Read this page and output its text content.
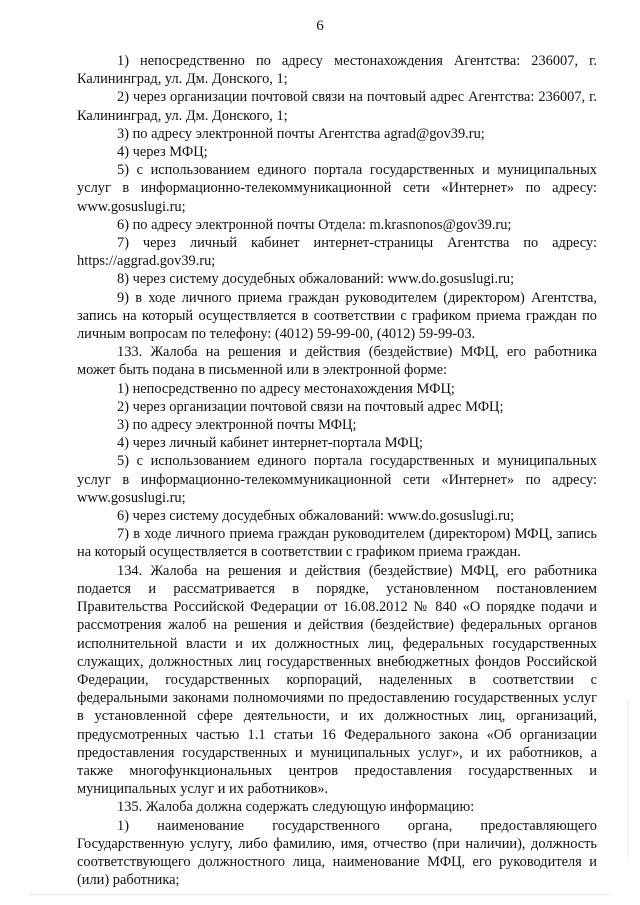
6

1) непосредственно по адресу местонахождения Агентства: 236007, г. Калининград, ул. Дм. Донского, 1;

2) через организации почтовой связи на почтовый адрес Агентства: 236007, г. Калининград, ул. Дм. Донского, 1;

3) по адресу электронной почты Агентства agrad@gov39.ru;

4) через МФЦ;

5) с использованием единого портала государственных и муниципальных услуг в информационно-телекоммуникационной сети «Интернет» по адресу: www.gosuslugi.ru;

6) по адресу электронной почты Отдела: m.krasnonos@gov39.ru;

7) через личный кабинет интернет-страницы Агентства по адресу: https://aggrad.gov39.ru;

8) через систему досудебных обжалований: www.do.gosuslugi.ru;

9) в ходе личного приема граждан руководителем (директором) Агентства, запись на который осуществляется в соответствии с графиком приема граждан по личным вопросам по телефону: (4012) 59-99-00, (4012) 59-99-03.

133. Жалоба на решения и действия (бездействие) МФЦ, его работника может быть подана в письменной или в электронной форме:

1) непосредственно по адресу местонахождения МФЦ;

2) через организации почтовой связи на почтовый адрес МФЦ;

3) по адресу электронной почты МФЦ;

4) через личный кабинет интернет-портала МФЦ;

5) с использованием единого портала государственных и муниципальных услуг в информационно-телекоммуникационной сети «Интернет» по адресу: www.gosuslugi.ru;

6) через систему досудебных обжалований: www.do.gosuslugi.ru;

7) в ходе личного приема граждан руководителем (директором) МФЦ, запись на который осуществляется в соответствии с графиком приема граждан.

134. Жалоба на решения и действия (бездействие) МФЦ, его работника подается и рассматривается в порядке, установленном постановлением Правительства Российской Федерации от 16.08.2012 № 840 «О порядке подачи и рассмотрения жалоб на решения и действия (бездействие) федеральных органов исполнительной власти и их должностных лиц, федеральных государственных служащих, должностных лиц государственных внебюджетных фондов Российской Федерации, государственных корпораций, наделенных в соответствии с федеральными законами полномочиями по предоставлению государственных услуг в установленной сфере деятельности, и их должностных лиц, организаций, предусмотренных частью 1.1 статьи 16 Федерального закона «Об организации предоставления государственных и муниципальных услуг», и их работников, а также многофункциональных центров предоставления государственных и муниципальных услуг и их работников».

135. Жалоба должна содержать следующую информацию:

1) наименование государственного органа, предоставляющего Государственную услугу, либо фамилию, имя, отчество (при наличии), должность соответствующего должностного лица, наименование МФЦ, его руководителя и (или) работника;
